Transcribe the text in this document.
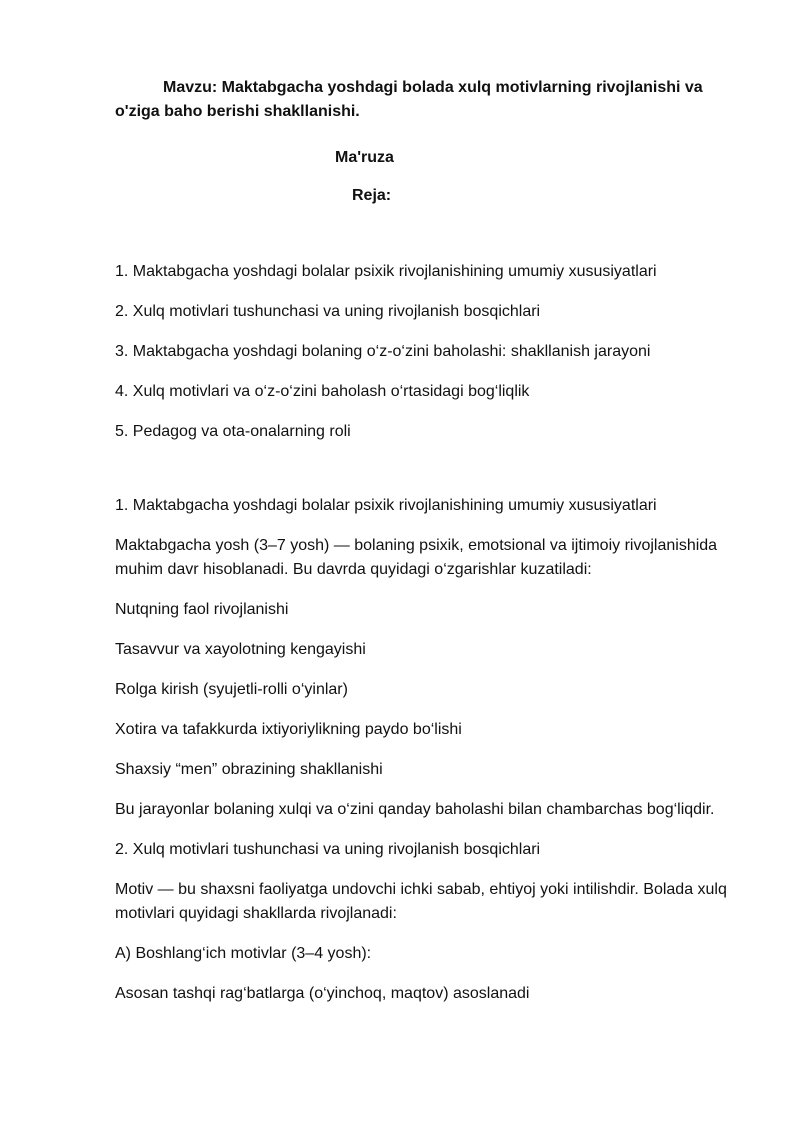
Mavzu: Maktabgacha yoshdagi bolada xulq motivlarning rivojlanishi va o'ziga baho berishi shakllanishi.

Ma'ruza

Reja:

1. Maktabgacha yoshdagi bolalar psixik rivojlanishining umumiy xususiyatlari

2. Xulq motivlari tushunchasi va uning rivojlanish bosqichlari

3. Maktabgacha yoshdagi bolaning o‘z-o‘zini baholashi: shakllanish jarayoni

4. Xulq motivlari va o‘z-o‘zini baholash o‘rtasidagi bog‘liqlik

5. Pedagog va ota-onalarning roli

1. Maktabgacha yoshdagi bolalar psixik rivojlanishining umumiy xususiyatlari

Maktabgacha yosh (3–7 yosh) — bolaning psixik, emotsional va ijtimoiy rivojlanishida muhim davr hisoblanadi. Bu davrda quyidagi o‘zgarishlar kuzatiladi:

Nutqning faol rivojlanishi

Tasavvur va xayolotning kengayishi

Rolga kirish (syujetli-rolli o‘yinlar)

Xotira va tafakkurda ixtiyoriylikning paydo bo‘lishi

Shaxsiy “men” obrazining shakllanishi

Bu jarayonlar bolaning xulqi va o‘zini qanday baholashi bilan chambarchas bog‘liqdir.

2. Xulq motivlari tushunchasi va uning rivojlanish bosqichlari

Motiv — bu shaxsni faoliyatga undovchi ichki sabab, ehtiyoj yoki intilishdir. Bolada xulq motivlari quyidagi shakllarda rivojlanadi:

A) Boshlang‘ich motivlar (3–4 yosh):

Asosan tashqi rag‘batlarga (o‘yinchoq, maqtov) asoslanadi
